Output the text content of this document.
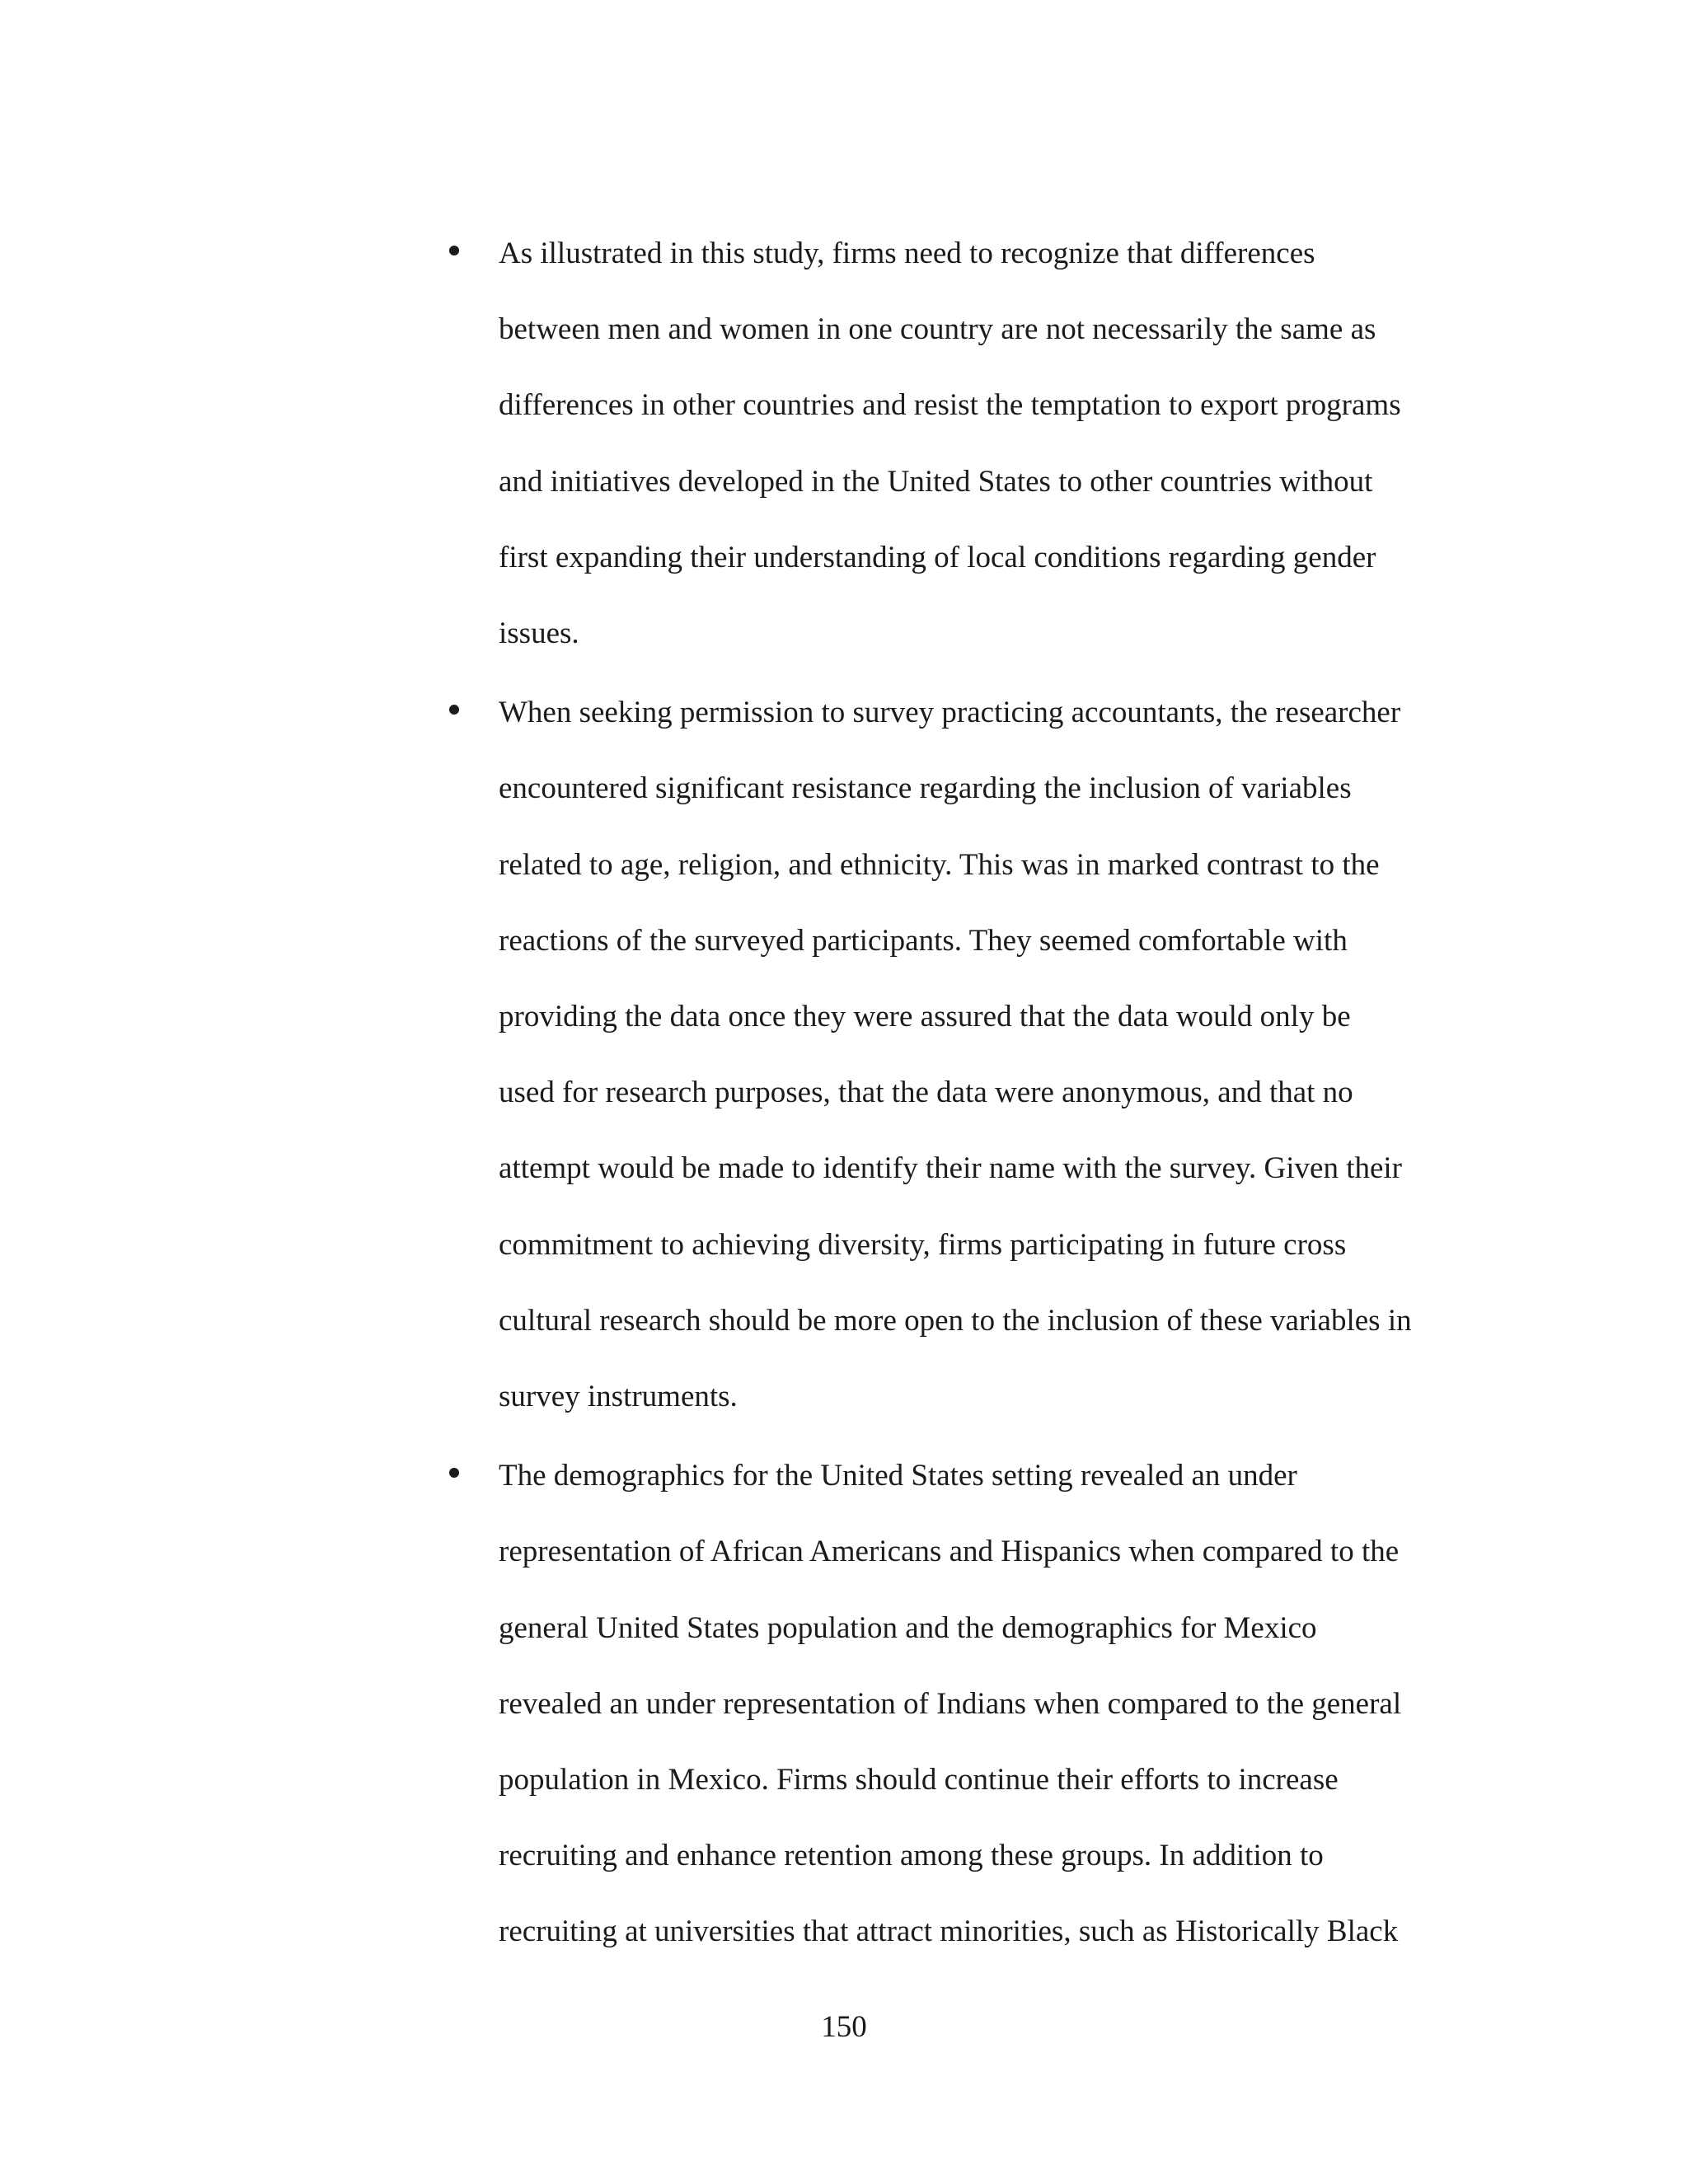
As illustrated in this study, firms need to recognize that differences
between men and women in one country are not necessarily the same as
differences in other countries and resist the temptation to export programs
and initiatives developed in the United States to other countries without
first expanding their understanding of local conditions regarding gender
issues.
When seeking permission to survey practicing accountants, the researcher
encountered significant resistance regarding the inclusion of variables
related to age, religion, and ethnicity. This was in marked contrast to the
reactions of the surveyed participants. They seemed comfortable with
providing the data once they were assured that the data would only be
used for research purposes, that the data were anonymous, and that no
attempt would be made to identify their name with the survey. Given their
commitment to achieving diversity, firms participating in future cross
cultural research should be more open to the inclusion of these variables in
survey instruments.
The demographics for the United States setting revealed an under
representation of African Americans and Hispanics when compared to the
general United States population and the demographics for Mexico
revealed an under representation of Indians when compared to the general
population in Mexico. Firms should continue their efforts to increase
recruiting and enhance retention among these groups. In addition to
recruiting at universities that attract minorities, such as Historically Black
150
